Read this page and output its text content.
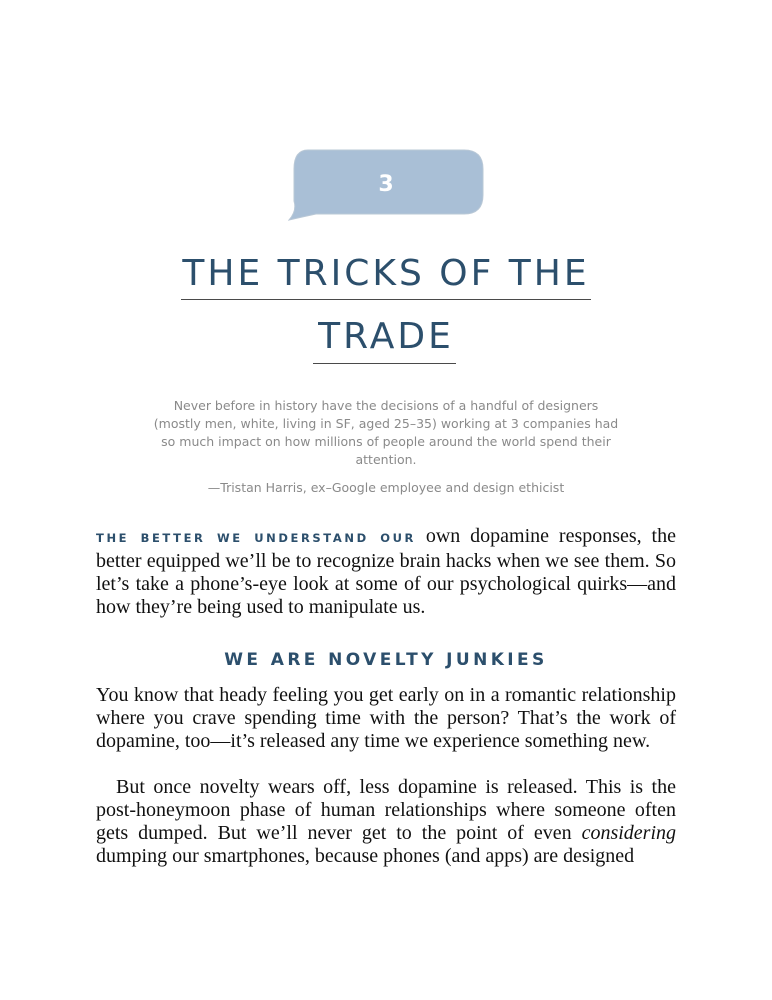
3
THE TRICKS OF THE
TRADE

Never before in history have the decisions of a handful of designers (mostly men, white, living in SF, aged 25–35) working at 3 companies had so much impact on how millions of people around the world spend their attention.

—Tristan Harris, ex–Google employee and design ethicist

THE BETTER WE UNDERSTAND OUR own dopamine responses, the better equipped we’ll be to recognize brain hacks when we see them. So let’s take a phone’s-eye look at some of our psychological quirks—and how they’re being used to manipulate us.

WE ARE NOVELTY JUNKIES

You know that heady feeling you get early on in a romantic relationship where you crave spending time with the person? That’s the work of dopamine, too—it’s released any time we experience something new.

But once novelty wears off, less dopamine is released. This is the post-honeymoon phase of human relationships where someone often gets dumped. But we’ll never get to the point of even considering dumping our smartphones, because phones (and apps) are designed
